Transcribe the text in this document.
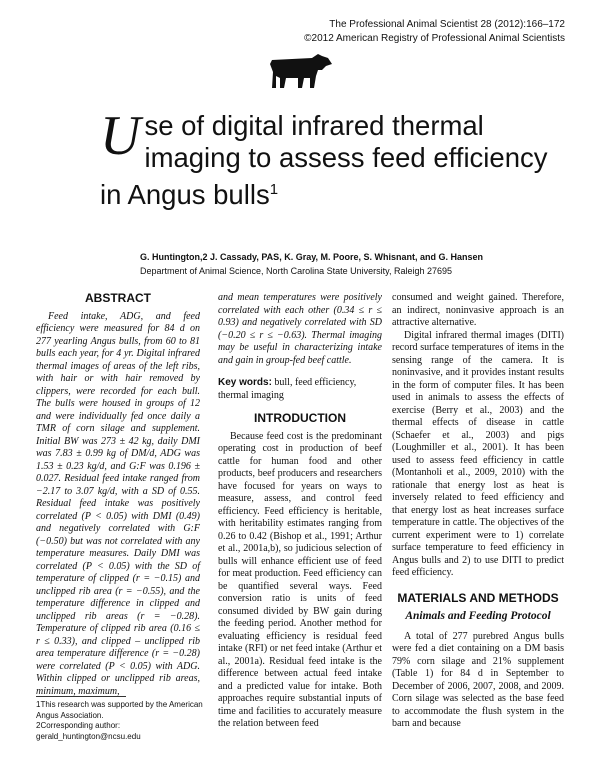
The Professional Animal Scientist 28 (2012):166–172
©2012 American Registry of Professional Animal Scientists
Use of digital infrared thermal imaging to assess feed efficiency in Angus bulls$^1$
G. Huntington,2 J. Cassady, PAS, K. Gray, M. Poore, S. Whisnant, and G. Hansen
Department of Animal Science, North Carolina State University, Raleigh 27695
ABSTRACT

Feed intake, ADG, and feed efficiency were measured for 84 d on 277 yearling Angus bulls, from 60 to 81 bulls each year, for 4 yr. Digital infrared thermal images of areas of the left ribs, with hair or with hair removed by clippers, were recorded for each bull. The bulls were housed in groups of 12 and were individually fed once daily a TMR of corn silage and supplement. Initial BW was 273 ± 42 kg, daily DMI was 7.83 ± 0.99 kg of DM/d, ADG was 1.53 ± 0.23 kg/d, and G:F was 0.196 ± 0.027. Residual feed intake ranged from −2.17 to 3.07 kg/d, with a SD of 0.55. Residual feed intake was positively correlated (P < 0.05) with DMI (0.49) and negatively correlated with G:F (−0.50) but was not correlated with any temperature measures. Daily DMI was correlated (P < 0.05) with the SD of temperature of clipped (r = −0.15) and unclipped rib area (r = −0.55), and the temperature difference in clipped and unclipped rib areas (r = −0.28). Temperature of clipped rib area (0.16 ≤ r ≤ 0.33), and clipped – unclipped rib area temperature difference (r = −0.28) were correlated (P < 0.05) with ADG. Within clipped or unclipped rib areas, minimum, maximum,

and mean temperatures were positively correlated with each other (0.34 ≤ r ≤ 0.93) and negatively correlated with SD (−0.20 ≤ r ≤ −0.63). Thermal imaging may be useful in characterizing intake and gain in group-fed beef cattle.

Key words: bull, feed efficiency, thermal imaging
INTRODUCTION

Because feed cost is the predominant operating cost in production of beef cattle for human food and other products, beef producers and researchers have focused for years on ways to measure, assess, and control feed efficiency. Feed efficiency is heritable, with heritability estimates ranging from 0.26 to 0.42 (Bishop et al., 1991; Arthur et al., 2001a,b), so judicious selection of bulls will enhance efficient use of feed for meat production. Feed efficiency can be quantified several ways. Feed conversion ratio is units of feed consumed divided by BW gain during the feeding period. Another method for evaluating efficiency is residual feed intake (RFI) or net feed intake (Arthur et al., 2001a). Residual feed intake is the difference between actual feed intake and a predicted value for intake. Both approaches require substantial inputs of time and facilities to accurately measure the relation between feed

consumed and weight gained. Therefore, an indirect, noninvasive approach is an attractive alternative.

Digital infrared thermal images (DITI) record surface temperatures of items in the sensing range of the camera. It is noninvasive, and it provides instant results in the form of computer files. It has been used in animals to assess the effects of exercise (Berry et al., 2003) and the thermal effects of disease in cattle (Schaefer et al., 2003) and pigs (Loughmiller et al., 2001). It has been used to assess feed efficiency in cattle (Montanholi et al., 2009, 2010) with the rationale that energy lost as heat is inversely related to feed efficiency and that energy lost as heat increases surface temperature in cattle. The objectives of the current experiment were to 1) correlate surface temperature to feed efficiency in Angus bulls and 2) to use DITI to predict feed efficiency.

MATERIALS AND METHODS
Animals and Feeding Protocol

A total of 277 purebred Angus bulls were fed a diet containing on a DM basis 79% corn silage and 21% supplement (Table 1) for 84 d in September to December of 2006, 2007, 2008, and 2009. Corn silage was selected as the base feed to accommodate the flush system in the barn and because

1This research was supported by the American Angus Association.
2Corresponding author: gerald_huntington@ncsu.edu
